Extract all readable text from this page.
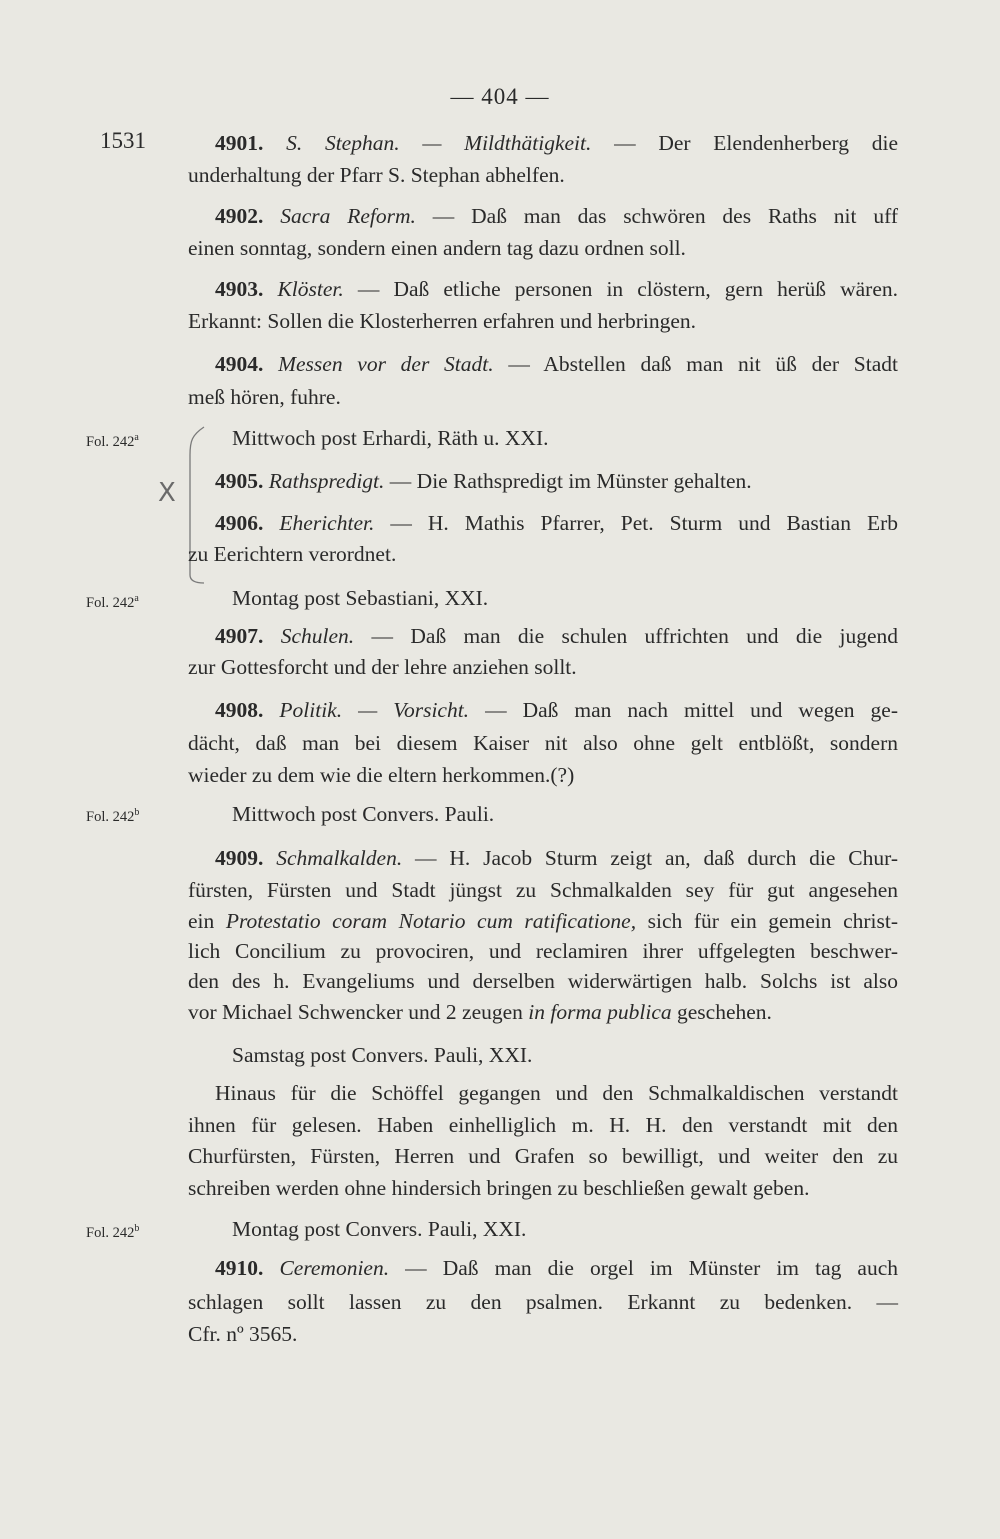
— 404 —
1531	4901. S. Stephan. — Mildthätigkeit. — Der Elendenherberg die
underhaltung der Pfarr S. Stephan abhelfen.
4902. Sacra Reform. — Daß man das schwören des Raths nit uff
einen sonntag, sondern einen andern tag dazu ordnen soll.
4903. Klöster. — Daß etliche personen in clöstern, gern herüß wären.
Erkannt: Sollen die Klosterherren erfahren und herbringen.
4904. Messen vor der Stadt. — Abstellen daß man nit üß der Stadt
meß hören, fuhre.
Fol. 242$^a$	Mittwoch post Erhardi, Räth u. XXI.
X 4905. Rathspredigt. — Die Rathspredigt im Münster gehalten.
4906. Eherichter. — H. Mathis Pfarrer, Pet. Sturm und Bastian Erb
zu Eerichtern verordnet.
Fol. 242$^a$	Montag post Sebastiani, XXI.
4907. Schulen. — Daß man die schulen uffrichten und die jugend
zur Gottesforcht und der lehre anziehen sollt.
4908. Politik. — Vorsicht. — Daß man nach mittel und wegen ge-
dächt, daß man bei diesem Kaiser nit also ohne gelt entblößt, sondern
wieder zu dem wie die eltern herkommen.(?)
Fol. 242$^b$	Mittwoch post Convers. Pauli.
4909. Schmalkalden. — H. Jacob Sturm zeigt an, daß durch die Chur-
fürsten, Fürsten und Stadt jüngst zu Schmalkalden sey für gut angesehen
ein Protestatio coram Notario cum ratificatione, sich für ein gemein christ-
lich Concilium zu provociren, und reclamiren ihrer uffgelegten beschwer-
den des h. Evangeliums und derselben widerwärtigen halb. Solchs ist also
vor Michael Schwencker und 2 zeugen in forma publica geschehen.
Samstag post Convers. Pauli, XXI.
Hinaus für die Schöffel gegangen und den Schmalkaldischen verstandt
ihnen für gelesen. Haben einhelliglich m. H. H. den verstandt mit den
Churfürsten, Fürsten, Herren und Grafen so bewilligt, und weiter den zu
schreiben werden ohne hindersich bringen zu beschließen gewalt geben.
Fol. 242$^b$	Montag post Convers. Pauli, XXI.
4910. Ceremonien. — Daß man die orgel im Münster im tag auch
schlagen sollt lassen zu den psalmen. Erkannt zu bedenken. —
Cfr. nº 3565.
